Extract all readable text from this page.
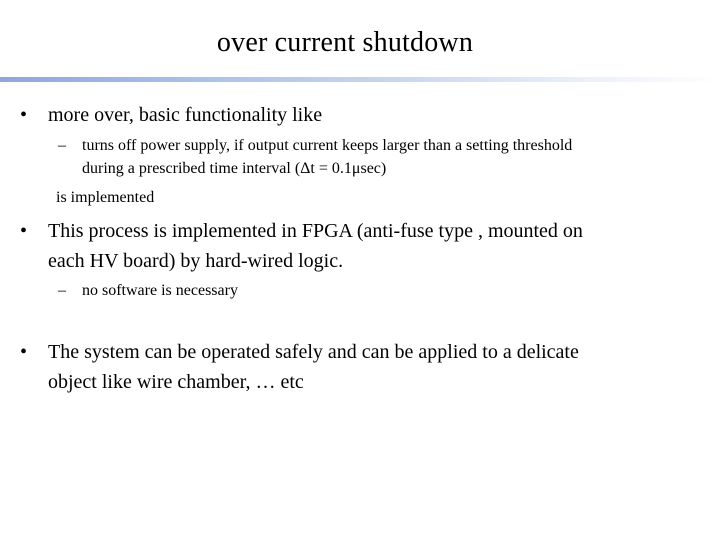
over current shutdown
• more over, basic functionality like
– turns off power supply, if output current keeps larger than a setting threshold
during a prescribed time interval (Δt = 0.1μsec)
is implemented
• This process is implemented in FPGA (anti-fuse type , mounted on
each HV board) by hard-wired logic.
– no software is necessary
• The system can be operated safely and can be applied to a delicate
object like wire chamber, … etc
